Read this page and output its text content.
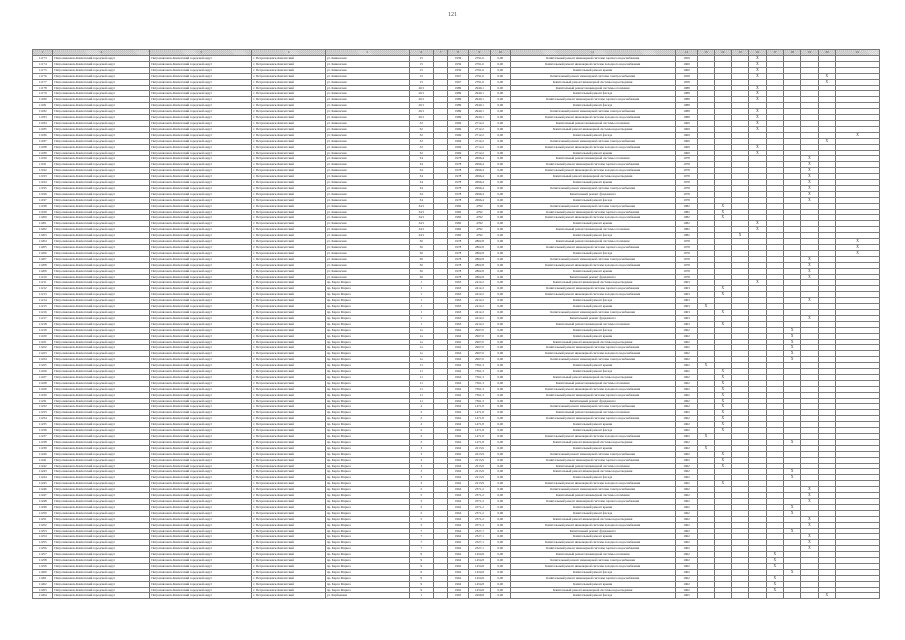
121
1	2	3	4	5	6	7	8	9	10	11	12	13	14	15	16	17	18	19	20	21
11173	Петропавловск-Камчатский городской округ	Петропавловск-Камчатский городской округ	г. Петропавловск-Камчатский	ул. Кавказская	15		1959	2791,6	0,00	Капитальный ремонт инженерной системы горячего водоснабжения	1959				X					
11174	Петропавловск-Камчатский городской округ	Петропавловск-Камчатский городской округ	г. Петропавловск-Камчатский	ул. Кавказская	15		1959	2791,6	0,00	Капитальный ремонт инженерной системы холодного водоснабжения	1960				X					
11175	Петропавловск-Камчатский городской округ	Петропавловск-Камчатский городской округ	г. Петропавловск-Камчатский	ул. Кавказская	15		1959	2791,6	0,00	Капитальный ремонт крыши	1960				X					
11176	Петропавловск-Камчатский городской округ	Петропавловск-Камчатский городской округ	г. Петропавловск-Камчатский	ул. Кавказская	15		1967	2791,6	0,00	Капитальный ремонт инженерной системы электроснабжения	1958				X				X	
11177	Петропавловск-Камчатский городской округ	Петропавловск-Камчатский городской округ	г. Петропавловск-Камчатский	ул. Кавказская	15		1967	2791,6	0,00	Капитальный ремонт инженерной системы водоотведения	1958								X	
11178	Петропавловск-Камчатский городской округ	Петропавловск-Камчатский городской округ	г. Петропавловск-Камчатский	ул. Кавказская	20/1		1989	2940,1	0,00	Капитальный ремонт инженерной системы отопления	1988				X					
11179	Петропавловск-Камчатский городской округ	Петропавловск-Камчатский городской округ	г. Петропавловск-Камчатский	ул. Кавказская	20/1		1989	2940,1	0,00	Капитальный ремонт фасада	1988				X					
11180	Петропавловск-Камчатский городской округ	Петропавловск-Камчатский городской округ	г. Петропавловск-Камчатский	ул. Кавказская	20/1		1989	2940,1	0,00	Капитальный ремонт инженерной системы горячего водоснабжения	1988				X					
11181	Петропавловск-Камчатский городской округ	Петропавловск-Камчатский городской округ	г. Петропавловск-Камчатский	ул. Кавказская	20/1		1989	2940,1	0,00	Капитальный ремонт фасада	1988									
11182	Петропавловск-Камчатский городской округ	Петропавловск-Камчатский городской округ	г. Петропавловск-Камчатский	ул. Кавказская	20/1		1989	2940,1	0,00	Капитальный ремонт инженерной системы электроснабжения	1988				X					
11183	Петропавловск-Камчатский городской округ	Петропавловск-Камчатский городской округ	г. Петропавловск-Камчатский	ул. Кавказская	20/1		1989	2940,1	0,00	Капитальный ремонт инженерной системы холодного водоснабжения	1988				X					
11184	Петропавловск-Камчатский городской округ	Петропавловск-Камчатский городской округ	г. Петропавловск-Камчатский	ул. Кавказская	32		1969	2712,2	0,00	Капитальный ремонт инженерной системы отопления	1969				X					
11185	Петропавловск-Камчатский городской округ	Петропавловск-Камчатский городской округ	г. Петропавловск-Камчатский	ул. Кавказская	32		1969	2712,2	0,00	Капитальный ремонт инженерной системы водоотведения	1969				X					
11186	Петропавловск-Камчатский городской округ	Петропавловск-Камчатский городской округ	г. Петропавловск-Камчатский	ул. Кавказская	32		1969	2712,2	0,00	Капитальный ремонт фасада	1969									X
11187	Петропавловск-Камчатский городской округ	Петропавловск-Камчатский городской округ	г. Петропавловск-Камчатский	ул. Кавказская	32		1969	2712,2	0,00	Капитальный ремонт инженерной системы электроснабжения	1969								X	
11188	Петропавловск-Камчатский городской округ	Петропавловск-Камчатский городской округ	г. Петропавловск-Камчатский	ул. Кавказская	32		1969	2712,2	0,00	Капитальный ремонт инженерной системы холодного водоснабжения	1969				X					
11189	Петропавловск-Камчатский городской округ	Петропавловск-Камчатский городской округ	г. Петропавловск-Камчатский	ул. Кавказская	32		1969	2712,2	0,00	Капитальный ремонт крыши	1969				X					
11190	Петропавловск-Камчатский городской округ	Петропавловск-Камчатский городской округ	г. Петропавловск-Камчатский	ул. Кавказская	34		1978	2696,4	0,00	Капитальный ремонт инженерной системы отопления	1978							X		
11191	Петропавловск-Камчатский городской округ	Петропавловск-Камчатский городской округ	г. Петропавловск-Камчатский	ул. Кавказская	34		1978	2696,4	0,00	Капитальный ремонт инженерной системы горячего водоснабжения	1978							X		
11192	Петропавловск-Камчатский городской округ	Петропавловск-Камчатский городской округ	г. Петропавловск-Камчатский	ул. Кавказская	34		1978	2696,4	0,00	Капитальный ремонт инженерной системы холодного водоснабжения	1978							X		
11193	Петропавловск-Камчатский городской округ	Петропавловск-Камчатский городской округ	г. Петропавловск-Камчатский	ул. Кавказская	34		1978	2696,4	0,00	Капитальный ремонт инженерной системы водоотведения	1978							X		
11194	Петропавловск-Камчатский городской округ	Петропавловск-Камчатский городской округ	г. Петропавловск-Камчатский	ул. Кавказская	34		1978	2696,4	0,00	Капитальный ремонт крыши	1978							X		
11195	Петропавловск-Камчатский городской округ	Петропавловск-Камчатский городской округ	г. Петропавловск-Камчатский	ул. Кавказская	34		1978	2696,4	0,00	Капитальный ремонт инженерной системы электроснабжения	1978							X		
11196	Петропавловск-Камчатский городской округ	Петропавловск-Камчатский городской округ	г. Петропавловск-Камчатский	ул. Кавказская	34		1978	2696,4	0,00	Капитальный ремонт фундамента	1978							X		
11197	Петропавловск-Камчатский городской округ	Петропавловск-Камчатский городской округ	г. Петропавловск-Камчатский	ул. Кавказская	34		1978	2696,4	0,00	Капитальный ремонт фасада	1978							X		
11198	Петропавловск-Камчатский городской округ	Петропавловск-Камчатский городской округ	г. Петропавловск-Камчатский	ул. Кавказская	34/1		1982	4792	0,00	Капитальный ремонт инженерной системы электроснабжения	1982		X							
11199	Петропавловск-Камчатский городской округ	Петропавловск-Камчатский городской округ	г. Петропавловск-Камчатский	ул. Кавказская	34/1		1982	4792	0,00	Капитальный ремонт инженерной системы горячего водоснабжения	1982		X							
11200	Петропавловск-Камчатский городской округ	Петропавловск-Камчатский городской округ	г. Петропавловск-Камчатский	ул. Кавказская	34/1		1982	4792	0,00	Капитальный ремонт инженерной системы холодного водоснабжения	1982		X							
11201	Петропавловск-Камчатский городской округ	Петропавловск-Камчатский городской округ	г. Петропавловск-Камчатский	ул. Кавказская	34/1		1982	4792	0,00	Капитальный ремонт крыши	1982				X					
11202	Петропавловск-Камчатский городской округ	Петропавловск-Камчатский городской округ	г. Петропавловск-Камчатский	ул. Кавказская	34/1		1982	4792	0,00	Капитальный ремонт инженерной системы отопления	1982				X					
11203	Петропавловск-Камчатский городской округ	Петропавловск-Камчатский городской округ	г. Петропавловск-Камчатский	ул. Кавказская	34/1		1982	4792	0,00	Капитальный ремонт фасада	1982			X						
11204	Петропавловск-Камчатский городской округ	Петропавловск-Камчатский городской округ	г. Петропавловск-Камчатский	ул. Кавказская	36		1978	2862,8	0,00	Капитальный ремонт инженерной системы отопления	1978									X
11205	Петропавловск-Камчатский городской округ	Петропавловск-Камчатский городской округ	г. Петропавловск-Камчатский	ул. Кавказская	36		1978	2862,8	0,00	Капитальный ремонт инженерной системы горячего водоснабжения	1978									X
11206	Петропавловск-Камчатский городской округ	Петропавловск-Камчатский городской округ	г. Петропавловск-Камчатский	ул. Кавказская	36		1978	2862,8	0,00	Капитальный ремонт фасада	1978									X
11207	Петропавловск-Камчатский городской округ	Петропавловск-Камчатский городской округ	г. Петропавловск-Камчатский	ул. Кавказская	36		1978	2862,8	0,00	Капитальный ремонт инженерной системы электроснабжения	1978							X		
11208	Петропавловск-Камчатский городской округ	Петропавловск-Камчатский городской округ	г. Петропавловск-Камчатский	ул. Кавказская	36		1978	2862,8	0,00	Капитальный ремонт инженерной системы холодного водоснабжения	1978							X		
11209	Петропавловск-Камчатский городской округ	Петропавловск-Камчатский городской округ	г. Петропавловск-Камчатский	ул. Кавказская	36		1978	2862,8	0,00	Капитальный ремонт крыши	1978							X		
11210	Петропавловск-Камчатский городской округ	Петропавловск-Камчатский городской округ	г. Петропавловск-Камчатский	ул. Кавказская	36		1978	2862,8	0,00	Капитальный ремонт фундамента	1978							X		
11211	Петропавловск-Камчатский городской округ	Петропавловск-Камчатский городской округ	г. Петропавловск-Камчатский	пр. Карла Маркса	1		1963	2412,2	0,00	Капитальный ремонт инженерной системы водоотведения	1963				X					
11212	Петропавловск-Камчатский городской округ	Петропавловск-Камчатский городской округ	г. Петропавловск-Камчатский	пр. Карла Маркса	1		1963	2412,2	0,00	Капитальный ремонт инженерной системы горячего водоснабжения	1963		X							
11213	Петропавловск-Камчатский городской округ	Петропавловск-Камчатский городской округ	г. Петропавловск-Камчатский	пр. Карла Маркса	1		1963	2412,2	0,00	Капитальный ремонт инженерной системы холодного водоснабжения	1963		X							
11214	Петропавловск-Камчатский городской округ	Петропавловск-Камчатский городской округ	г. Петропавловск-Камчатский	пр. Карла Маркса	1		1963	2412,2	0,00	Капитальный ремонт фасада	1963							X		
11215	Петропавловск-Камчатский городской округ	Петропавловск-Камчатский городской округ	г. Петропавловск-Камчатский	пр. Карла Маркса	1		1963	2412,2	0,00	Капитальный ремонт крыши	1963	X								
11216	Петропавловск-Камчатский городской округ	Петропавловск-Камчатский городской округ	г. Петропавловск-Камчатский	пр. Карла Маркса	1		1963	2412,2	0,00	Капитальный ремонт инженерной системы электроснабжения	1963		X							
11217	Петропавловск-Камчатский городской округ	Петропавловск-Камчатский городской округ	г. Петропавловск-Камчатский	пр. Карла Маркса	1		1963	2412,2	0,00	Капитальный ремонт фундамента	1963							X		
11218	Петропавловск-Камчатский городской округ	Петропавловск-Камчатский городской округ	г. Петропавловск-Камчатский	пр. Карла Маркса	1		1963	2412,2	0,00	Капитальный ремонт инженерной системы отопления	1963		X							
11219	Петропавловск-Камчатский городской округ	Петропавловск-Камчатский городской округ	г. Петропавловск-Камчатский	пр. Карла Маркса	1а		1962	2967,0	0,00	Капитальный ремонт фасада	1962						X			
11220	Петропавловск-Камчатский городской округ	Петропавловск-Камчатский городской округ	г. Петропавловск-Камчатский	пр. Карла Маркса	1а		1962	2967,0	0,00	Капитальный ремонт крыши	1962						X			
11221	Петропавловск-Камчатский городской округ	Петропавловск-Камчатский городской округ	г. Петропавловск-Камчатский	пр. Карла Маркса	1а		1962	2967,0	0,00	Капитальный ремонт инженерной системы водоотведения	1962						X			
11222	Петропавловск-Камчатский городской округ	Петропавловск-Камчатский городской округ	г. Петропавловск-Камчатский	пр. Карла Маркса	1а		1962	2967,0	0,00	Капитальный ремонт инженерной системы горячего водоснабжения	1962						X			
11223	Петропавловск-Камчатский городской округ	Петропавловск-Камчатский городской округ	г. Петропавловск-Камчатский	пр. Карла Маркса	1а		1962	2967,0	0,00	Капитальный ремонт инженерной системы холодного водоснабжения	1962						X			
11224	Петропавловск-Камчатский городской округ	Петропавловск-Камчатский городской округ	г. Петропавловск-Камчатский	пр. Карла Маркса	1а		1962	2967,0	0,00	Капитальный ремонт инженерной системы электроснабжения	1962						X			
11225	Петропавловск-Камчатский городской округ	Петропавловск-Камчатский городской округ	г. Петропавловск-Камчатский	пр. Карла Маркса	11		1962	7361,3	0,00	Капитальный ремонт крыши	1962	X								
11226	Петропавловск-Камчатский городской округ	Петропавловск-Камчатский городской округ	г. Петропавловск-Камчатский	пр. Карла Маркса	11		1962	7361,3	0,00	Капитальный ремонт фасада	1962		X							
11227	Петропавловск-Камчатский городской округ	Петропавловск-Камчатский городской округ	г. Петропавловск-Камчатский	пр. Карла Маркса	11		1962	7361,3	0,00	Капитальный ремонт инженерной системы водоотведения	1962		X							
11228	Петропавловск-Камчатский городской округ	Петропавловск-Камчатский городской округ	г. Петропавловск-Камчатский	пр. Карла Маркса	11		1962	7361,3	0,00	Капитальный ремонт инженерной системы отопления	1962		X							
11229	Петропавловск-Камчатский городской округ	Петропавловск-Камчатский городской округ	г. Петропавловск-Камчатский	пр. Карла Маркса	11		1962	7361,3	0,00	Капитальный ремонт инженерной системы холодного водоснабжения	1962		X							
11230	Петропавловск-Камчатский городской округ	Петропавловск-Камчатский городской округ	г. Петропавловск-Камчатский	пр. Карла Маркса	11		1962	7361,3	0,00	Капитальный ремонт инженерной системы горячего водоснабжения	1962		X							
11231	Петропавловск-Камчатский городской округ	Петропавловск-Камчатский городской округ	г. Петропавловск-Камчатский	пр. Карла Маркса	11		1962	7361,3	0,00	Капитальный ремонт фундамента	1962		X							
11232	Петропавловск-Камчатский городской округ	Петропавловск-Камчатский городской округ	г. Петропавловск-Камчатский	пр. Карла Маркса	2		1962	1471,8	0,00	Капитальный ремонт инженерной системы электроснабжения	1962		X							
11233	Петропавловск-Камчатский городской округ	Петропавловск-Камчатский городской округ	г. Петропавловск-Камчатский	пр. Карла Маркса	2		1962	1471,8	0,00	Капитальный ремонт инженерной системы отопления	1962		X							
11234	Петропавловск-Камчатский городской округ	Петропавловск-Камчатский городской округ	г. Петропавловск-Камчатский	пр. Карла Маркса	2		1962	1471,8	0,00	Капитальный ремонт инженерной системы горячего водоснабжения	1962		X							
11235	Петропавловск-Камчатский городской округ	Петропавловск-Камчатский городской округ	г. Петропавловск-Камчатский	пр. Карла Маркса	2		1962	1471,8	0,00	Капитальный ремонт крыши	1962		X							
11236	Петропавловск-Камчатский городской округ	Петропавловск-Камчатский городской округ	г. Петропавловск-Камчатский	пр. Карла Маркса	2		1962	1471,8	0,00	Капитальный ремонт фасада	1962		X							
11237	Петропавловск-Камчатский городской округ	Петропавловск-Камчатский городской округ	г. Петропавловск-Камчатский	пр. Карла Маркса	2		1962	1471,8	0,00	Капитальный ремонт инженерной системы холодного водоснабжения	1962	X								
11238	Петропавловск-Камчатский городской округ	Петропавловск-Камчатский городской округ	г. Петропавловск-Камчатский	пр. Карла Маркса	2		1962	1471,8	0,00	Капитальный ремонт инженерной системы водоотведения	1962						X			
11239	Петропавловск-Камчатский городской округ	Петропавловск-Камчатский городской округ	г. Петропавловск-Камчатский	пр. Карла Маркса	3		1962	2213,9	0,00	Капитальный ремонт крыши	1962	X								
11240	Петропавловск-Камчатский городской округ	Петропавловск-Камчатский городской округ	г. Петропавловск-Камчатский	пр. Карла Маркса	3		1962	2213,9	0,00	Капитальный ремонт инженерной системы электроснабжения	1962		X							
11241	Петропавловск-Камчатский городской округ	Петропавловск-Камчатский городской округ	г. Петропавловск-Камчатский	пр. Карла Маркса	3		1962	2213,9	0,00	Капитальный ремонт инженерной системы горячего водоснабжения	1962		X							
11242	Петропавловск-Камчатский городской округ	Петропавловск-Камчатский городской округ	г. Петропавловск-Камчатский	пр. Карла Маркса	3		1962	2213,9	0,00	Капитальный ремонт инженерной системы отопления	1962		X							
11243	Петропавловск-Камчатский городской округ	Петропавловск-Камчатский городской округ	г. Петропавловск-Камчатский	пр. Карла Маркса	3		1962	2213,9	0,00	Капитальный ремонт инженерной системы водоотведения	1962						X			
11244	Петропавловск-Камчатский городской округ	Петропавловск-Камчатский городской округ	г. Петропавловск-Камчатский	пр. Карла Маркса	3		1962	2213,9	0,00	Капитальный ремонт фасада	1962						X			
11245	Петропавловск-Камчатский городской округ	Петропавловск-Камчатский городской округ	г. Петропавловск-Камчатский	пр. Карла Маркса	3		1962	2213,9	0,00	Капитальный ремонт инженерной системы холодного водоснабжения	1962		X							
11246	Петропавловск-Камчатский городской округ	Петропавловск-Камчатский городской округ	г. Петропавловск-Камчатский	пр. Карла Маркса	5		1962	2371,2	0,00	Капитальный ремонт инженерной системы электроснабжения	1962							X		
11247	Петропавловск-Камчатский городской округ	Петропавловск-Камчатский городской округ	г. Петропавловск-Камчатский	пр. Карла Маркса	5		1962	2371,2	0,00	Капитальный ремонт инженерной системы отопления	1962							X		
11248	Петропавловск-Камчатский городской округ	Петропавловск-Камчатский городской округ	г. Петропавловск-Камчатский	пр. Карла Маркса	5		1962	2371,2	0,00	Капитальный ремонт инженерной системы горячего водоснабжения	1962							X		
11249	Петропавловск-Камчатский городской округ	Петропавловск-Камчатский городской округ	г. Петропавловск-Камчатский	пр. Карла Маркса	5		1962	2371,2	0,00	Капитальный ремонт крыши	1962						X			
11250	Петропавловск-Камчатский городской округ	Петропавловск-Камчатский городской округ	г. Петропавловск-Камчатский	пр. Карла Маркса	5		1962	2371,2	0,00	Капитальный ремонт фасада	1962						X			
11251	Петропавловск-Камчатский городской округ	Петропавловск-Камчатский городской округ	г. Петропавловск-Камчатский	пр. Карла Маркса	5		1962	2371,2	0,00	Капитальный ремонт инженерной системы водоотведения	1962							X		
11252	Петропавловск-Камчатский городской округ	Петропавловск-Камчатский городской округ	г. Петропавловск-Камчатский	пр. Карла Маркса	5		1962	2371,2	0,00	Капитальный ремонт инженерной системы холодного водоснабжения	1962							X		
11253	Петропавловск-Камчатский городской округ	Петропавловск-Камчатский городской округ	г. Петропавловск-Камчатский	пр. Карла Маркса	7		1962	2327,1	0,00	Капитальный ремонт фундамента	1962						X			
11254	Петропавловск-Камчатский городской округ	Петропавловск-Камчатский городской округ	г. Петропавловск-Камчатский	пр. Карла Маркса	7		1962	2327,1	0,00	Капитальный ремонт крыши	1962							X		
11255	Петропавловск-Камчатский городской округ	Петропавловск-Камчатский городской округ	г. Петропавловск-Камчатский	пр. Карла Маркса	7		1962	2327,1	0,00	Капитальный ремонт инженерной системы холодного водоснабжения	1962							X		
11256	Петропавловск-Камчатский городской округ	Петропавловск-Камчатский городской округ	г. Петропавловск-Камчатский	пр. Карла Маркса	7		1962	2327,1	0,00	Капитальный ремонт инженерной системы горячего водоснабжения	1962							X		
11257	Петропавловск-Камчатский городской округ	Петропавловск-Камчатский городской округ	г. Петропавловск-Камчатский	пр. Карла Маркса	9		1962	1454,8	0,00	Капитальный ремонт инженерной системы отопления	1962					X				
11258	Петропавловск-Камчатский городской округ	Петропавловск-Камчатский городской округ	г. Петропавловск-Камчатский	пр. Карла Маркса	9		1962	1454,8	0,00	Капитальный ремонт инженерной системы электроснабжения	1962					X				
11259	Петропавловск-Камчатский городской округ	Петропавловск-Камчатский городской округ	г. Петропавловск-Камчатский	пр. Карла Маркса	9		1962	1454,8	0,00	Капитальный ремонт инженерной системы холодного водоснабжения	1962					X				
11260	Петропавловск-Камчатский городской округ	Петропавловск-Камчатский городской округ	г. Петропавловск-Камчатский	пр. Карла Маркса	9		1962	1454,8	0,00	Капитальный ремонт фасада	1962						X			
11261	Петропавловск-Камчатский городской округ	Петропавловск-Камчатский городской округ	г. Петропавловск-Камчатский	пр. Карла Маркса	9		1962	1454,8	0,00	Капитальный ремонт инженерной системы горячего водоснабжения	1962					X				
11262	Петропавловск-Камчатский городской округ	Петропавловск-Камчатский городской округ	г. Петропавловск-Камчатский	пр. Карла Маркса	9		1962	1454,8	0,00	Капитальный ремонт крыши	1962					X				
11263	Петропавловск-Камчатский городской округ	Петропавловск-Камчатский городской округ	г. Петропавловск-Камчатский	пр. Карла Маркса	9		1962	1454,8	0,00	Капитальный ремонт инженерной системы водоотведения	1962					X				
11264	Петропавловск-Камчатский городской округ	Петропавловск-Камчатский городской округ	г. Петропавловск-Камчатский	ул. Карбышева	1		1965	2269,8	0,00	Капитальный ремонт фасада	1965								X	
